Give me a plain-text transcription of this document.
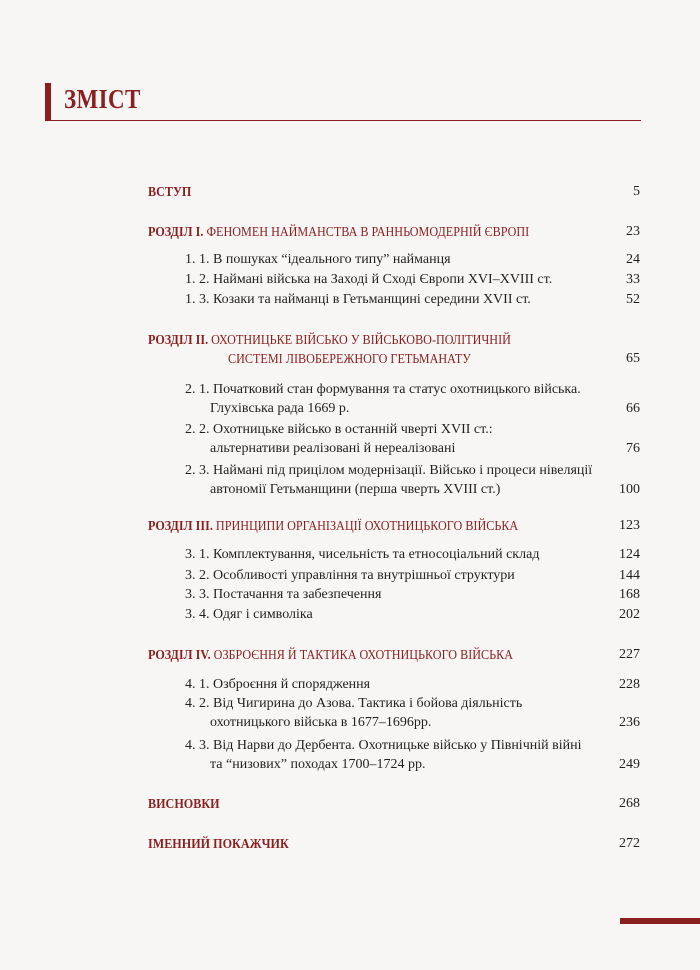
ЗМІСТ
ВСТУП	5
РОЗДІЛ І. ФЕНОМЕН НАЙМАНСТВА В РАННЬОМОДЕРНІЙ ЄВРОПІ	23
1. 1. В пошуках “ідеального типу” найманця	24
1. 2. Наймані війська на Заході й Сході Європи XVI–XVIII ст.	33
1. 3. Козаки та найманці в Гетьманщині середини XVII ст.	52
РОЗДІЛ ІІ. ОХОТНИЦЬКЕ ВІЙСЬКО У ВІЙСЬКОВО-ПОЛІТИЧНІЙ
СИСТЕМІ ЛІВОБЕРЕЖНОГО ГЕТЬМАНАТУ	65
2. 1. Початковий стан формування та статус охотницького війська.
Глухівська рада 1669 р.	66
2. 2. Охотницьке військо в останній чверті XVII ст.:
альтернативи реалізовані й нереалізовані	76
2. 3. Наймані під прицілом модернізації. Військо і процеси нівеляції
автономії Гетьманщини (перша чверть XVIII ст.)	100
РОЗДІЛ ІІІ. ПРИНЦИПИ ОРГАНІЗАЦІЇ ОХОТНИЦЬКОГО ВІЙСЬКА	123
3. 1. Комплектування, чисельність та етносоціальний склад	124
3. 2. Особливості управління та внутрішньої структури	144
3. 3. Постачання та забезпечення	168
3. 4. Одяг і символіка	202
РОЗДІЛ IV. ОЗБРОЄННЯ Й ТАКТИКА ОХОТНИЦЬКОГО ВІЙСЬКА	227
4. 1. Озброєння й спорядження	228
4. 2. Від Чигирина до Азова. Тактика і бойова діяльність
охотницького війська в 1677–1696рр.	236
4. 3. Від Нарви до Дербента. Охотницьке військо у Північній війні
та “низових” походах 1700–1724 рр.	249
ВИСНОВКИ	268
ІМЕННИЙ ПОКАЖЧИК	272
